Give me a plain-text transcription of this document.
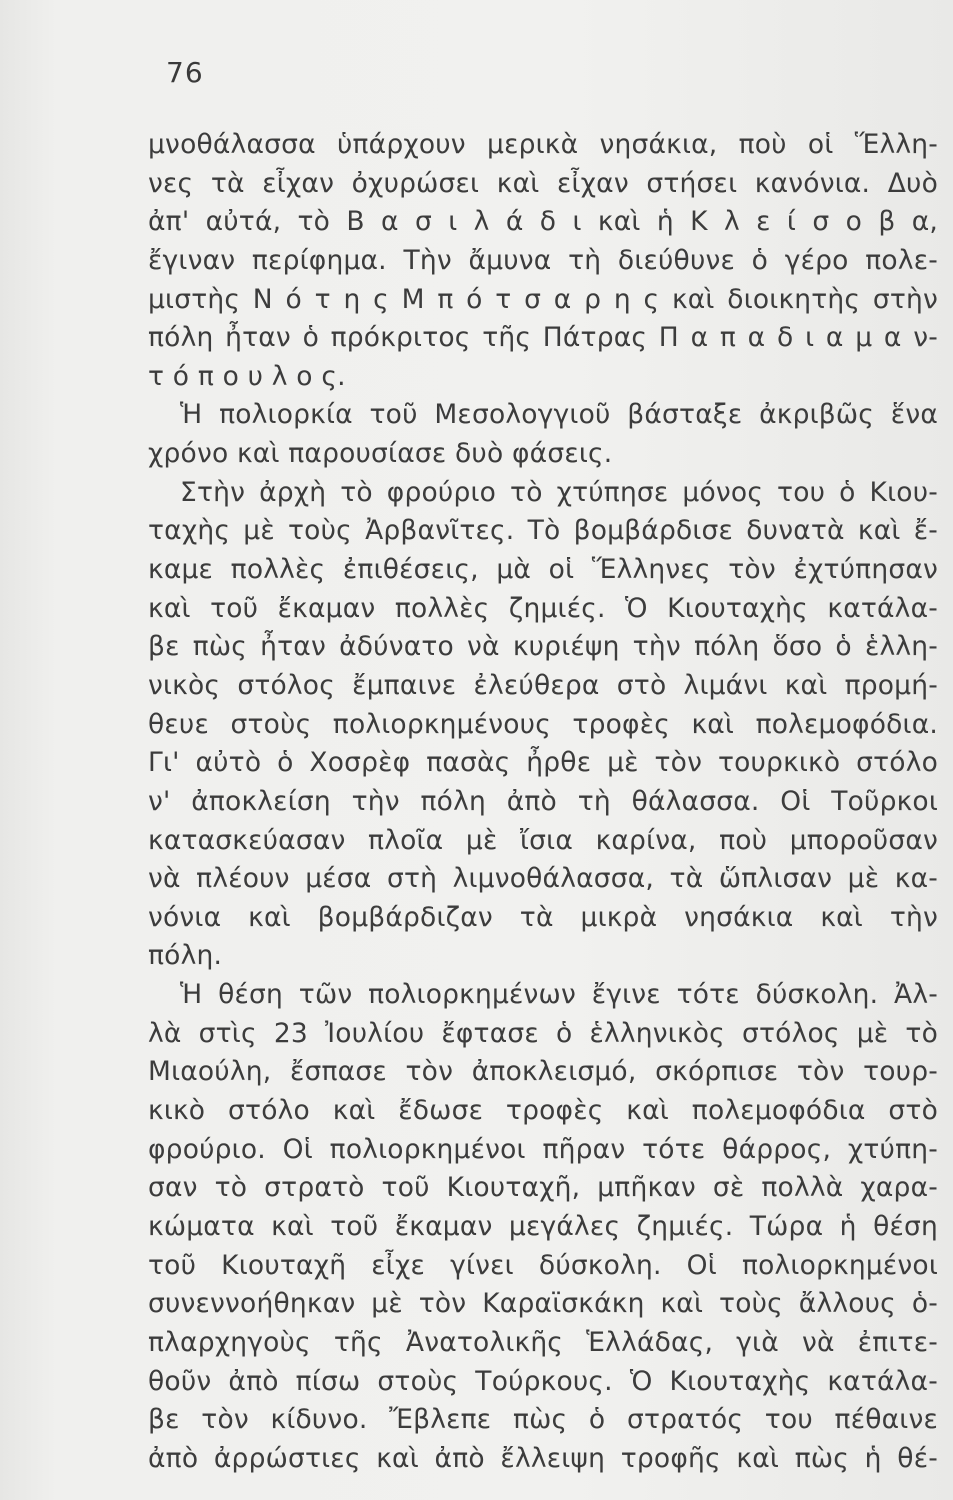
76
μνοθάλασσα ὑπάρχουν μερικὰ νησάκια, ποὺ οἱ Ἕλλη-
νες τὰ εἶχαν ὀχυρώσει καὶ εἶχαν στήσει κανόνια. Δυὸ
ἀπ' αὐτά, τὸ Β α σ ι λ ά δ ι καὶ ἡ Κ λ ε ί σ ο β α,
ἔγιναν περίφημα. Τὴν ἄμυνα τὴ διεύθυνε ὁ γέρο πολε-
μιστὴς Ν ό τ η ς Μ π ό τ σ α ρ η ς καὶ διοικητὴς στὴν
πόλη ἦταν ὁ πρόκριτος τῆς Πάτρας Π α π α δ ι α μ α ν-
τ ό π ο υ λ ο ς.
Ἡ πολιορκία τοῦ Μεσολογγιοῦ βάσταξε ἀκριβῶς ἕνα
χρόνο καὶ παρουσίασε δυὸ φάσεις.
Στὴν ἀρχὴ τὸ φρούριο τὸ χτύπησε μόνος του ὁ Κιου-
ταχὴς μὲ τοὺς Ἀρβανῖτες. Τὸ βομβάρδισε δυνατὰ καὶ ἔ-
καμε πολλὲς ἐπιθέσεις, μὰ οἱ Ἕλληνες τὸν ἐχτύπησαν
καὶ τοῦ ἔκαμαν πολλὲς ζημιές. Ὁ Κιουταχὴς κατάλα-
βε πὼς ἦταν ἀδύνατο νὰ κυριέψη τὴν πόλη ὅσο ὁ ἑλλη-
νικὸς στόλος ἔμπαινε ἐλεύθερα στὸ λιμάνι καὶ προμή-
θευε στοὺς πολιορκημένους τροφὲς καὶ πολεμοφόδια.
Γι' αὐτὸ ὁ Χοσρὲφ πασὰς ἦρθε μὲ τὸν τουρκικὸ στόλο
ν' ἀποκλείση τὴν πόλη ἀπὸ τὴ θάλασσα. Οἱ Τοῦρκοι
κατασκεύασαν πλοῖα μὲ ἴσια καρίνα, ποὺ μποροῦσαν
νὰ πλέουν μέσα στὴ λιμνοθάλασσα, τὰ ὥπλισαν μὲ κα-
νόνια καὶ βομβάρδιζαν τὰ μικρὰ νησάκια καὶ τὴν
πόλη.
Ἡ θέση τῶν πολιορκημένων ἔγινε τότε δύσκολη. Ἀλ-
λὰ στὶς 23 Ἰουλίου ἔφτασε ὁ ἑλληνικὸς στόλος μὲ τὸ
Μιαούλη, ἔσπασε τὸν ἀποκλεισμό, σκόρπισε τὸν τουρ-
κικὸ στόλο καὶ ἔδωσε τροφὲς καὶ πολεμοφόδια στὸ
φρούριο. Οἱ πολιορκημένοι πῆραν τότε θάρρος, χτύπη-
σαν τὸ στρατὸ τοῦ Κιουταχῆ, μπῆκαν σὲ πολλὰ χαρα-
κώματα καὶ τοῦ ἔκαμαν μεγάλες ζημιές. Τώρα ἡ θέση
τοῦ Κιουταχῆ εἶχε γίνει δύσκολη. Οἱ πολιορκημένοι
συνεννοήθηκαν μὲ τὸν Καραϊσκάκη καὶ τοὺς ἄλλους ὁ-
πλαρχηγοὺς τῆς Ἀνατολικῆς Ἑλλάδας, γιὰ νὰ ἐπιτε-
θοῦν ἀπὸ πίσω στοὺς Τούρκους. Ὁ Κιουταχὴς κατάλα-
βε τὸν κίδυνο. Ἔβλεπε πὼς ὁ στρατός του πέθαινε
ἀπὸ ἀρρώστιες καὶ ἀπὸ ἔλλειψη τροφῆς καὶ πὼς ἡ θέ-
